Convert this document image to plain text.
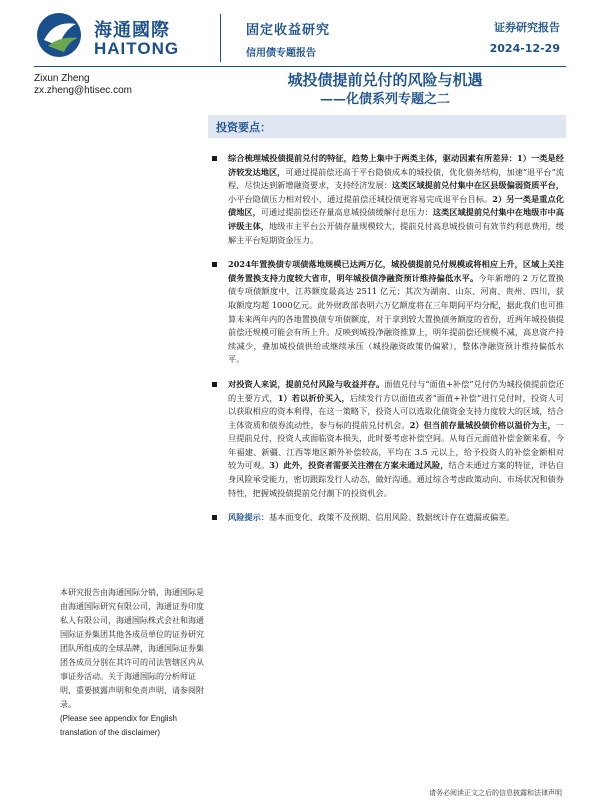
海通國際
HAITONG
固定收益研究
信用债专题报告
证券研究报告
2024-12-29
Zixun Zheng
zx.zheng@htisec.com
城投债提前兑付的风险与机遇
——化债系列专题之二
投资要点：
综合梳理城投债提前兑付的特征，趋势上集中于两类主体，驱动因素有所差异：1）一类是经济较发达地区，可通过提前偿还高于平台隐债成本的城投债，优化债务结构，加速“退平台”流程，尽快达到新增融资要求，支持经济发展：这类区域提前兑付集中在区县级偏弱资质平台，小平台隐债压力相对较小，通过提前偿还城投债更容易完成退平台目标。2）另一类是重点化债地区，可通过提前偿还存量高息城投债缓解付息压力：这类区域提前兑付集中在地级市中高评级主体，地级市主平台公开债存量规模较大，提前兑付高息城投债可有效节约利息费用，缓解主平台短期资金压力。
2024年置换债专项债落地规模已达两万亿，城投债提前兑付规模或将相应上升，区域上关注债务置换支持力度较大省市，明年城投债净融资预计维持偏低水平。今年新增的 2 万亿置换债专项债额度中，江苏额度最高达 2511 亿元；其次为湖南、山东、河南、贵州、四川，获取额度均超 1000亿元。此外财政部表明六万亿额度将在三年期间平均分配，据此我们也可推算未来两年内的各地置换债专项债额度，对于拿到较大置换债务额度的省份，近两年城投债提前偿还规模可能会有所上升。反映到城投净融资推算上，明年提前偿还规模不减，高息资产持续减少，叠加城投债供给或继续承压（城投融资政策仍偏紧），整体净融资预计维持偏低水平。
对投资人来说，提前兑付风险与收益并存。面值兑付与“面值+补偿”兑付仍为城投债提前偿还的主要方式，1）若以折价买入，后续发行方以面值或者“面值+补偿”进行兑付时，投资人可以获取相应的资本利得，在这一策略下，投资人可以选取化债资金支持力度较大的区域，结合主体资质和债券流动性，参与标的提前兑付机会。2）但当前存量城投债价格以溢价为主，一旦提前兑付，投资人或面临资本损失，此时要考虑补偿空间。从每百元面值补偿金额来看，今年福建、新疆、江西等地区额外补偿较高，平均在 3.5 元以上，给予投资人的补偿金额相对较为可观。3）此外，投资者需要关注潜在方案未通过风险，结合未通过方案的特征，评估自身风险承受能力，密切跟踪发行人动态，做好沟通。通过综合考虑政策动向、市场状况和债券特性，把握城投债提前兑付潮下的投资机会。
风险提示：基本面变化、政策不及预期、信用风险、数据统计存在遗漏或偏差。
本研究报告由海通国际分销，海通国际是由海通国际研究有限公司，海通证券印度私人有限公司，海通国际株式会社和海通国际证券集团其他各成员单位的证券研究团队所组成的全球品牌，海通国际证券集团各成员分别在其许可的司法管辖区内从事证券活动。关于海通国际的分析师证明，重要披露声明和免责声明，请参阅附录。
(Please see appendix for English translation of the disclaimer)
请务必阅读正文之后的信息披露和法律声明
